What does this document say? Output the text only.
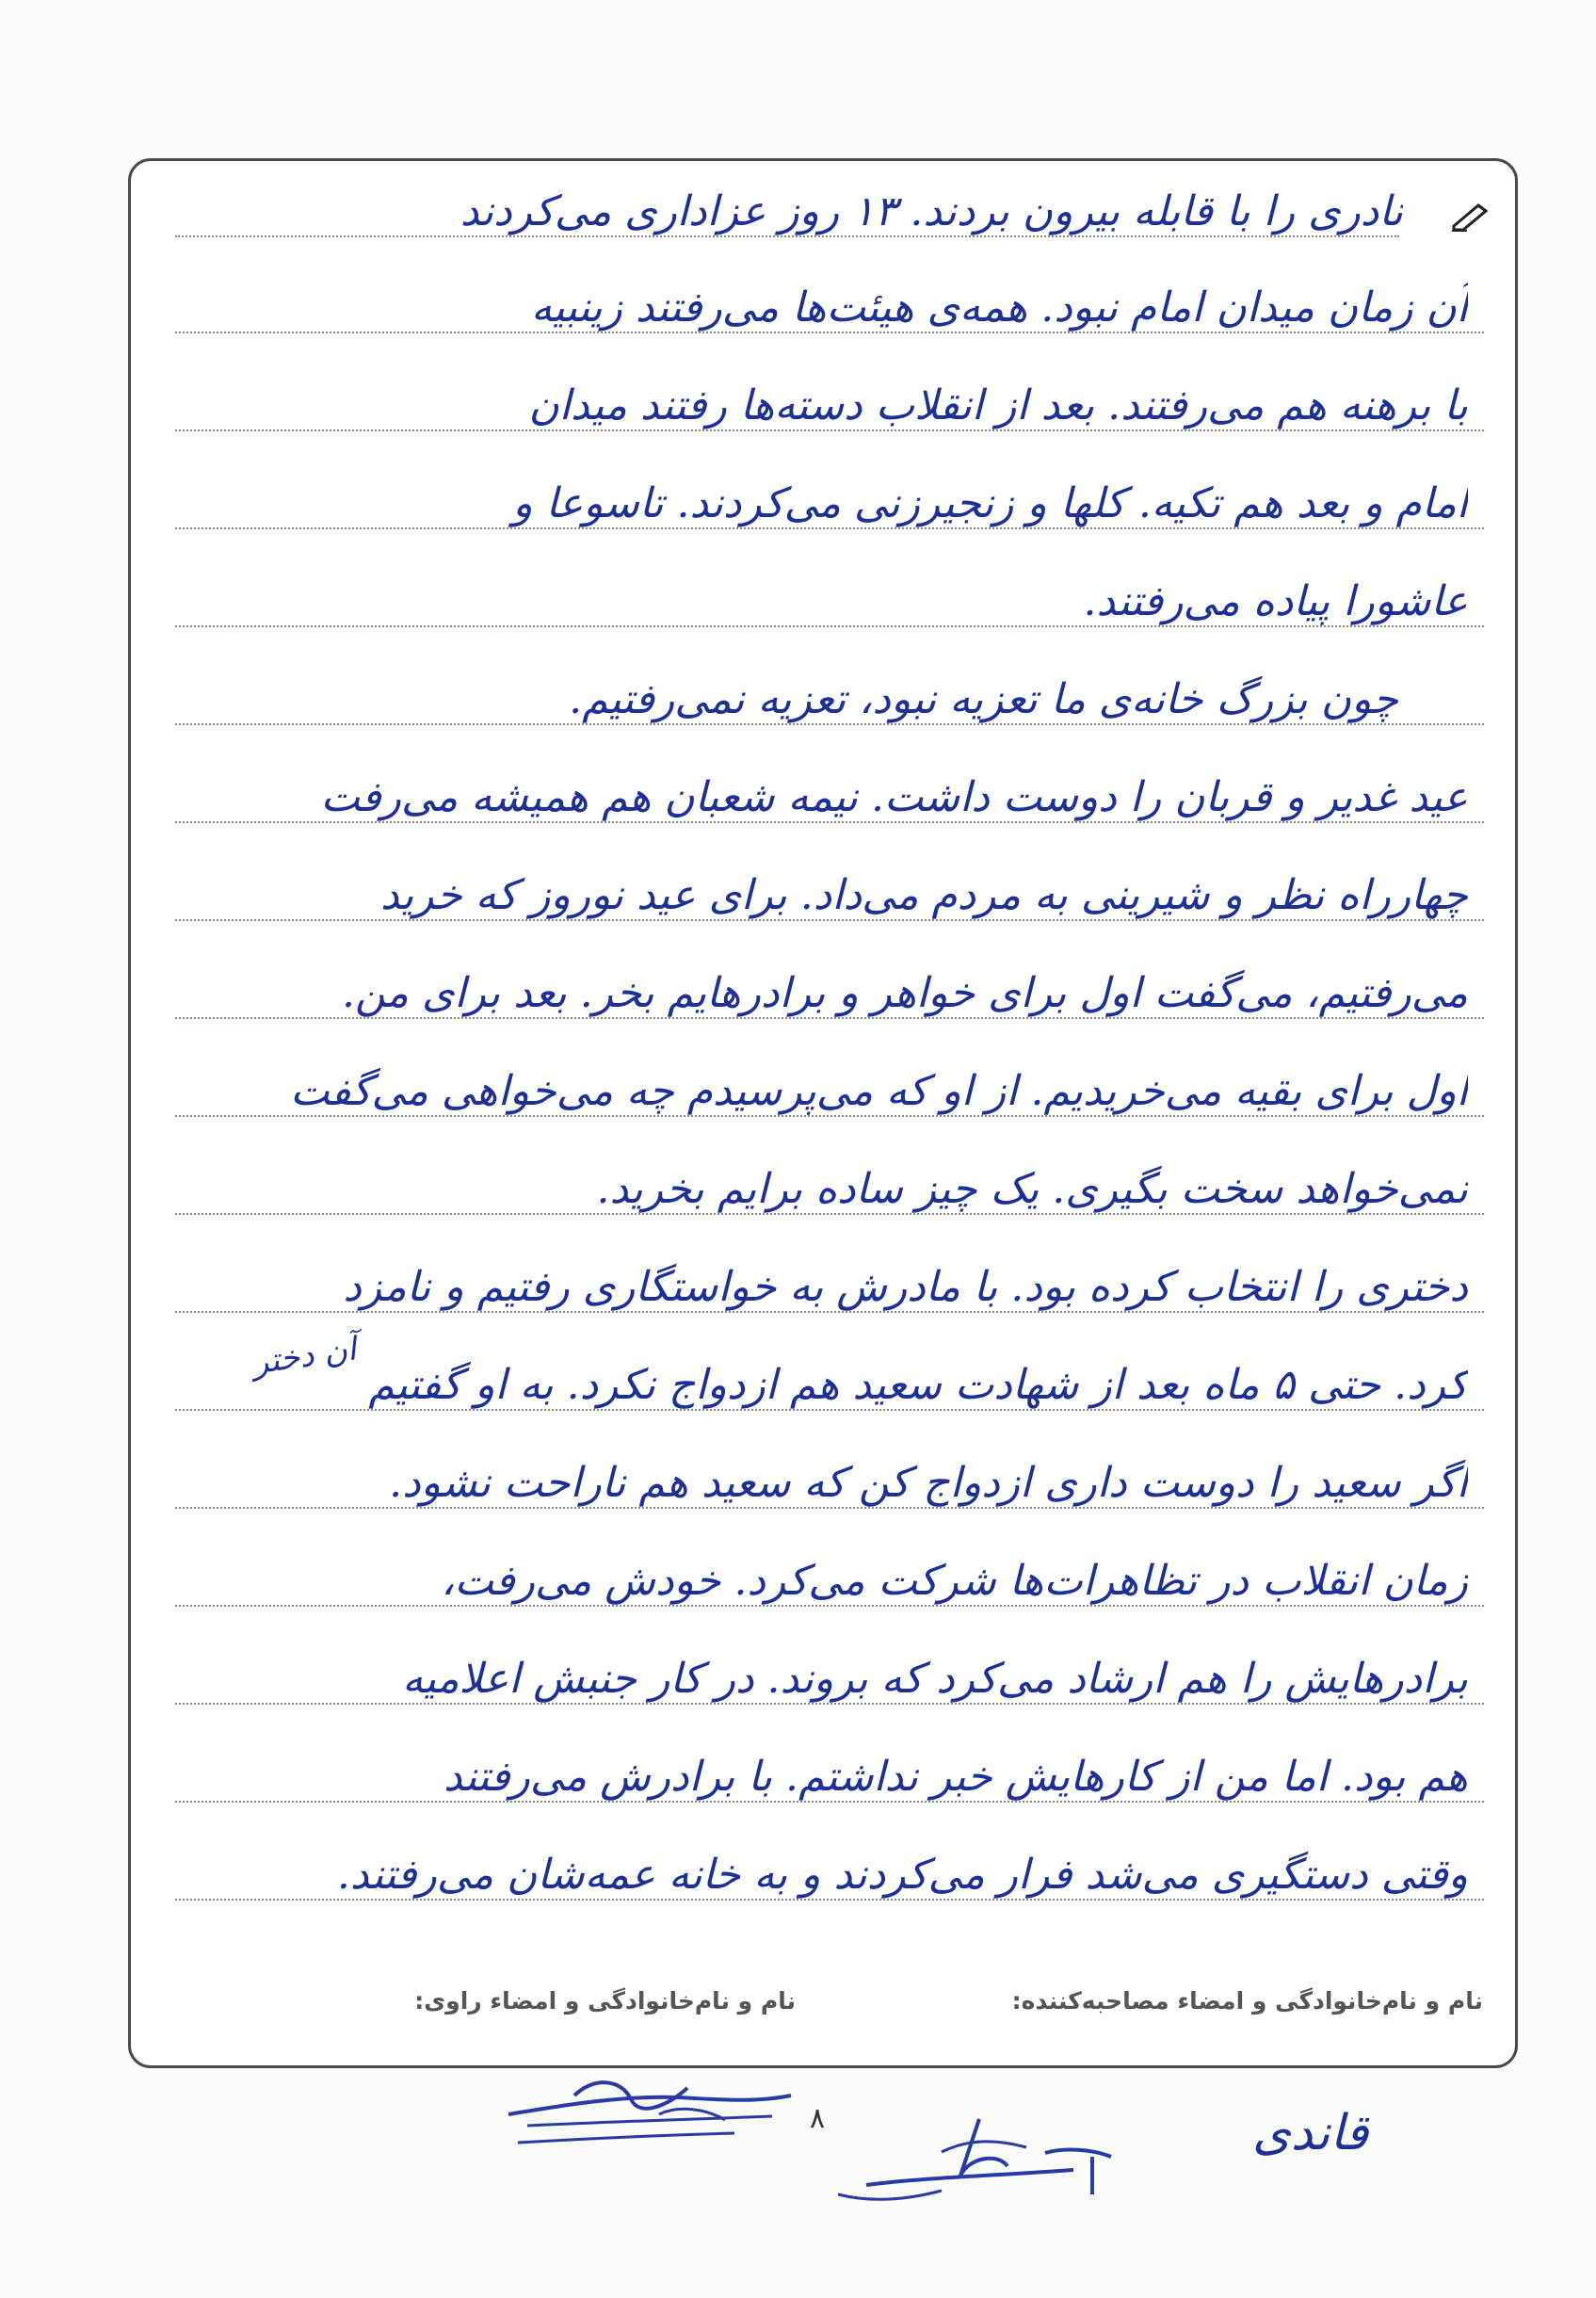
نادری را با قابله بیرون بردند. ۱۳ روز عزاداری می‌کردند
آن زمان میدان امام نبود. همه‌ی هیئت‌ها می‌رفتند زینبیه
با برهنه هم می‌رفتند. بعد از انقلاب دسته‌ها رفتند میدان
امام و بعد هم تکیه. کلها و زنجیرزنی می‌کردند. تاسوعا و
عاشورا پیاده می‌رفتند.
چون بزرگ خانه‌ی ما تعزیه نبود، تعزیه نمی‌رفتیم.
عید غدیر و قربان را دوست داشت. نیمه شعبان هم همیشه می‌رفت
چهارراه نظر و شیرینی به مردم می‌داد. برای عید نوروز که خرید
می‌رفتیم، می‌گفت اول برای خواهر و برادرهایم بخر. بعد برای من.
اول برای بقیه می‌خریدیم. از او که می‌پرسیدم چه می‌خواهی می‌گفت
نمی‌خواهد سخت بگیری. یک چیز ساده برایم بخرید.
دختری را انتخاب کرده بود. با مادرش به خواستگاری رفتیم و نامزد
کرد. حتی ۵ ماه بعد از شهادت سعید هم ازدواج نکرد. به او گفتیم
اگر سعید را دوست داری ازدواج کن که سعید هم ناراحت نشود.
زمان انقلاب در تظاهرات‌ها شرکت می‌کرد. خودش می‌رفت،
برادرهایش را هم ارشاد می‌کرد که بروند. در کار جنبش اعلامیه
هم بود. اما من از کارهایش خبر نداشتم. با برادرش می‌رفتند
وقتی دستگیری می‌شد فرار می‌کردند و به خانه عمه‌شان می‌رفتند.
آن دختر
نام و نام‌خانوادگی و امضاء مصاحبه‌کننده:
نام و نام‌خانوادگی و امضاء راوی:
۸	قاندی
